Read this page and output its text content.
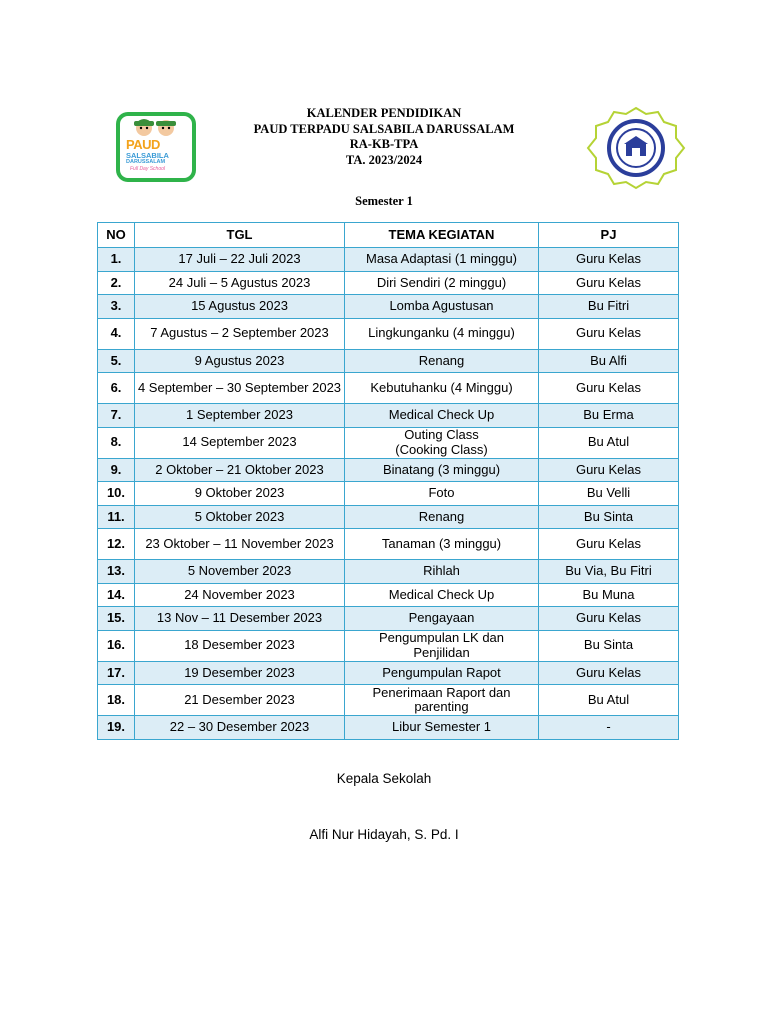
PAUD
SALSABILA
DARUSSALAM
Full Day School
KALENDER PENDIDIKAN
PAUD TERPADU SALSABILA DARUSSALAM
RA-KB-TPA
TA. 2023/2024
Semester 1
NO	TGL	TEMA KEGIATAN	PJ
1.	17 Juli – 22 Juli 2023	Masa Adaptasi (1 minggu)	Guru Kelas
2.	24 Juli – 5 Agustus 2023	Diri Sendiri (2 minggu)	Guru Kelas
3.	15 Agustus 2023	Lomba Agustusan	Bu Fitri
4.	7 Agustus – 2 September 2023	Lingkunganku (4 minggu)	Guru Kelas
5.	9 Agustus 2023	Renang	Bu Alfi
6.	4 September – 30 September 2023	Kebutuhanku (4 Minggu)	Guru Kelas
7.	1 September 2023	Medical Check Up	Bu Erma
8.	14 September 2023	Outing Class (Cooking Class)	Bu Atul
9.	2 Oktober – 21 Oktober 2023	Binatang (3 minggu)	Guru Kelas
10.	9 Oktober 2023	Foto	Bu Velli
11.	5 Oktober 2023	Renang	Bu Sinta
12.	23 Oktober – 11 November 2023	Tanaman (3 minggu)	Guru Kelas
13.	5 November 2023	Rihlah	Bu Via, Bu Fitri
14.	24 November 2023	Medical Check Up	Bu Muna
15.	13 Nov – 11 Desember 2023	Pengayaan	Guru Kelas
16.	18 Desember 2023	Pengumpulan LK dan Penjilidan	Bu Sinta
17.	19 Desember 2023	Pengumpulan Rapot	Guru Kelas
18.	21 Desember 2023	Penerimaan Raport dan parenting	Bu Atul
19.	22 – 30 Desember 2023	Libur Semester 1	-
Kepala Sekolah
Alfi Nur Hidayah, S. Pd. I
